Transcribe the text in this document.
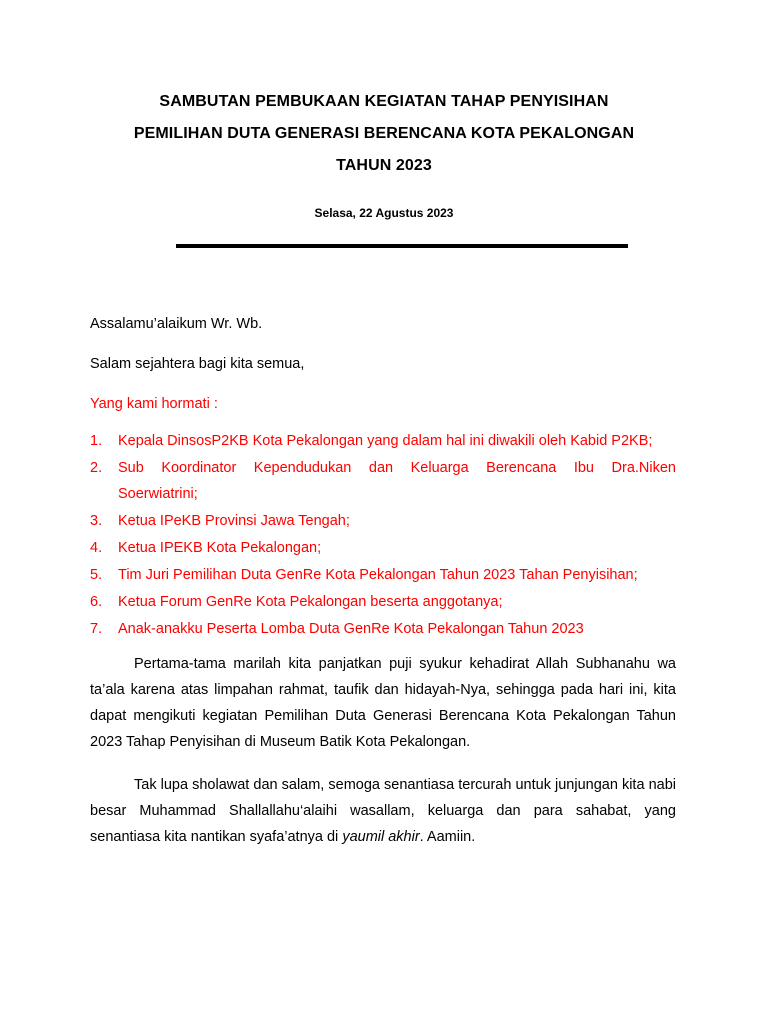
SAMBUTAN PEMBUKAAN KEGIATAN TAHAP PENYISIHAN
PEMILIHAN DUTA GENERASI BERENCANA KOTA PEKALONGAN
TAHUN 2023
Selasa, 22 Agustus 2023
Assalamu’alaikum Wr. Wb.
Salam sejahtera bagi kita semua,
Yang kami hormati :
1. Kepala DinsosP2KB Kota Pekalongan yang dalam hal ini diwakili oleh Kabid P2KB;
2. Sub Koordinator Kependudukan dan Keluarga Berencana Ibu Dra.Niken
Soerwiatrini;
3. Ketua IPeKB Provinsi Jawa Tengah;
4. Ketua IPEKB Kota Pekalongan;
5. Tim Juri Pemilihan Duta GenRe Kota Pekalongan Tahun 2023 Tahan Penyisihan;
6. Ketua Forum GenRe Kota Pekalongan beserta anggotanya;
7. Anak-anakku Peserta Lomba Duta GenRe Kota Pekalongan Tahun 2023
Pertama-tama marilah kita panjatkan puji syukur kehadirat Allah Subhanahu wa ta’ala karena atas limpahan rahmat, taufik dan hidayah-Nya, sehingga pada hari ini, kita dapat mengikuti kegiatan Pemilihan Duta Generasi Berencana Kota Pekalongan Tahun 2023 Tahap Penyisihan di Museum Batik Kota Pekalongan.
Tak lupa sholawat dan salam, semoga senantiasa tercurah untuk junjungan kita nabi besar Muhammad Shallallahu‘alaihi wasallam, keluarga dan para sahabat, yang senantiasa kita nantikan syafa’atnya di yaumil akhir. Aamiin.
